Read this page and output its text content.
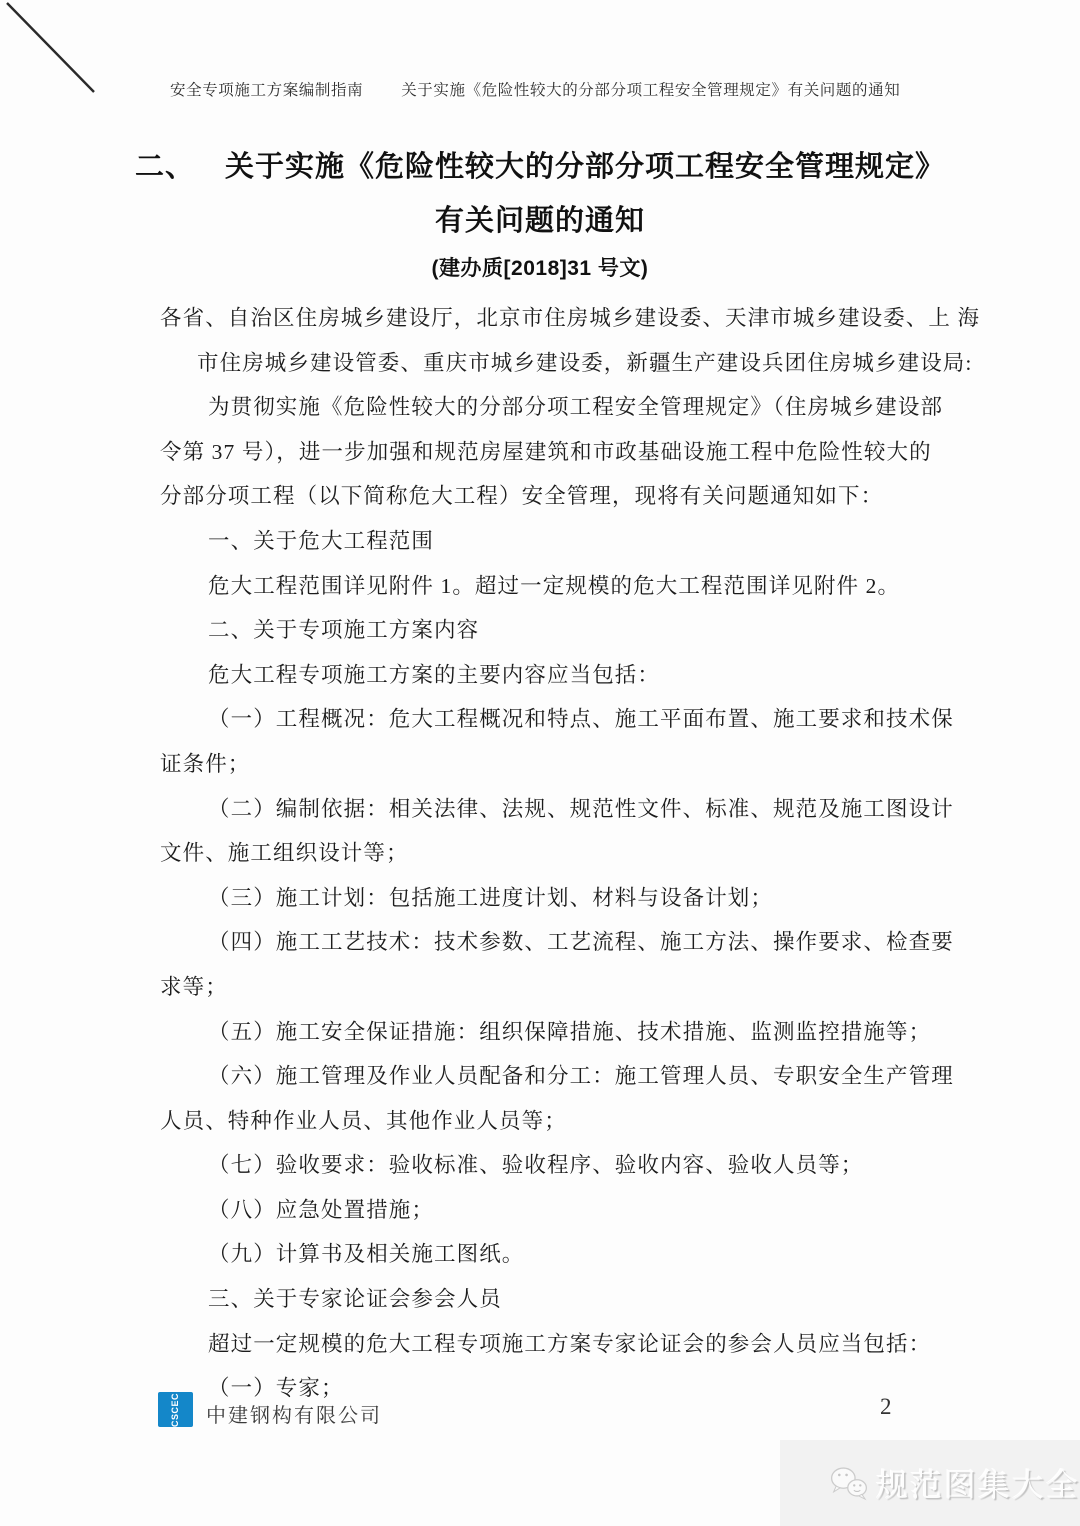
安全专项施工方案编制指南 关于实施《危险性较大的分部分项工程安全管理规定》有关问题的通知
二、 关于实施《危险性较大的分部分项工程安全管理规定》
有关问题的通知
(建办质[2018]31 号文)
各省、自治区住房城乡建设厅，北京市住房城乡建设委、天津市城乡建设委、上 海
市住房城乡建设管委、重庆市城乡建设委，新疆生产建设兵团住房城乡建设局:
为贯彻实施《危险性较大的分部分项工程安全管理规定》（住房城乡建设部
令第 37 号），进一步加强和规范房屋建筑和市政基础设施工程中危险性较大的
分部分项工程（以下简称危大工程）安全管理，现将有关问题通知如下：
一、关于危大工程范围
危大工程范围详见附件 1。超过一定规模的危大工程范围详见附件 2。
二、关于专项施工方案内容
危大工程专项施工方案的主要内容应当包括：
（一）工程概况：危大工程概况和特点、施工平面布置、施工要求和技术保
证条件；
（二）编制依据：相关法律、法规、规范性文件、标准、规范及施工图设计
文件、施工组织设计等；
（三）施工计划：包括施工进度计划、材料与设备计划；
（四）施工工艺技术：技术参数、工艺流程、施工方法、操作要求、检查要
求等；
（五）施工安全保证措施：组织保障措施、技术措施、监测监控措施等；
（六）施工管理及作业人员配备和分工：施工管理人员、专职安全生产管理
人员、特种作业人员、其他作业人员等；
（七）验收要求：验收标准、验收程序、验收内容、验收人员等；
（八）应急处置措施；
（九）计算书及相关施工图纸。
三、关于专家论证会参会人员
超过一定规模的危大工程专项施工方案专家论证会的参会人员应当包括：
（一）专家；
CSCEC 中建钢构有限公司	2
规范图集大全
